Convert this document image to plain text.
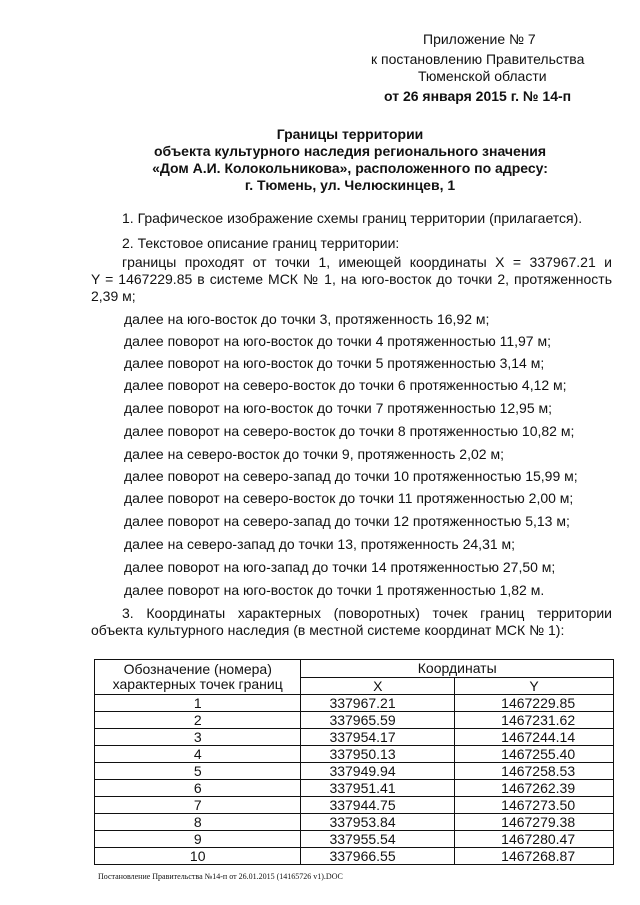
Приложение № 7
к постановлению Правительства
Тюменской области
от 26 января 2015 г. № 14-п
Границы территории
объекта культурного наследия регионального значения
«Дом А.И. Колокольникова», расположенного по адресу:
г. Тюмень, ул. Челюскинцев, 1
1. Графическое изображение схемы границ территории (прилагается).
2. Текстовое описание границ территории:
границы проходят от точки 1, имеющей координаты X = 337967.21 и
Y = 1467229.85 в системе МСК № 1, на юго-восток до точки 2, протяженность
2,39 м;
далее на юго-восток до точки 3, протяженность 16,92 м;
далее поворот на юго-восток до точки 4 протяженностью 11,97 м;
далее поворот на юго-восток до точки 5 протяженностью 3,14 м;
далее поворот на северо-восток до точки 6 протяженностью 4,12 м;
далее поворот на юго-восток до точки 7 протяженностью 12,95 м;
далее поворот на северо-восток до точки 8 протяженностью 10,82 м;
далее на северо-восток до точки 9, протяженность 2,02 м;
далее поворот на северо-запад до точки 10 протяженностью 15,99 м;
далее поворот на северо-восток до точки 11 протяженностью 2,00 м;
далее поворот на северо-запад до точки 12 протяженностью 5,13 м;
далее на северо-запад до точки 13, протяженность 24,31 м;
далее поворот на юго-запад до точки 14 протяженностью 27,50 м;
далее поворот на юго-восток до точки 1 протяженностью 1,82 м.
3. Координаты характерных (поворотных) точек границ территории
объекта культурного наследия (в местной системе координат МСК № 1):
Обозначение (номера)
характерных точек границ	Координаты	
	X	Y
1	337967.21	1467229.85
2	337965.59	1467231.62
3	337954.17	1467244.14
4	337950.13	1467255.40
5	337949.94	1467258.53
6	337951.41	1467262.39
7	337944.75	1467273.50
8	337953.84	1467279.38
9	337955.54	1467280.47
10	337966.55	1467268.87
Постановление Правительства №14-п от 26.01.2015 (14165726 v1).DOC
